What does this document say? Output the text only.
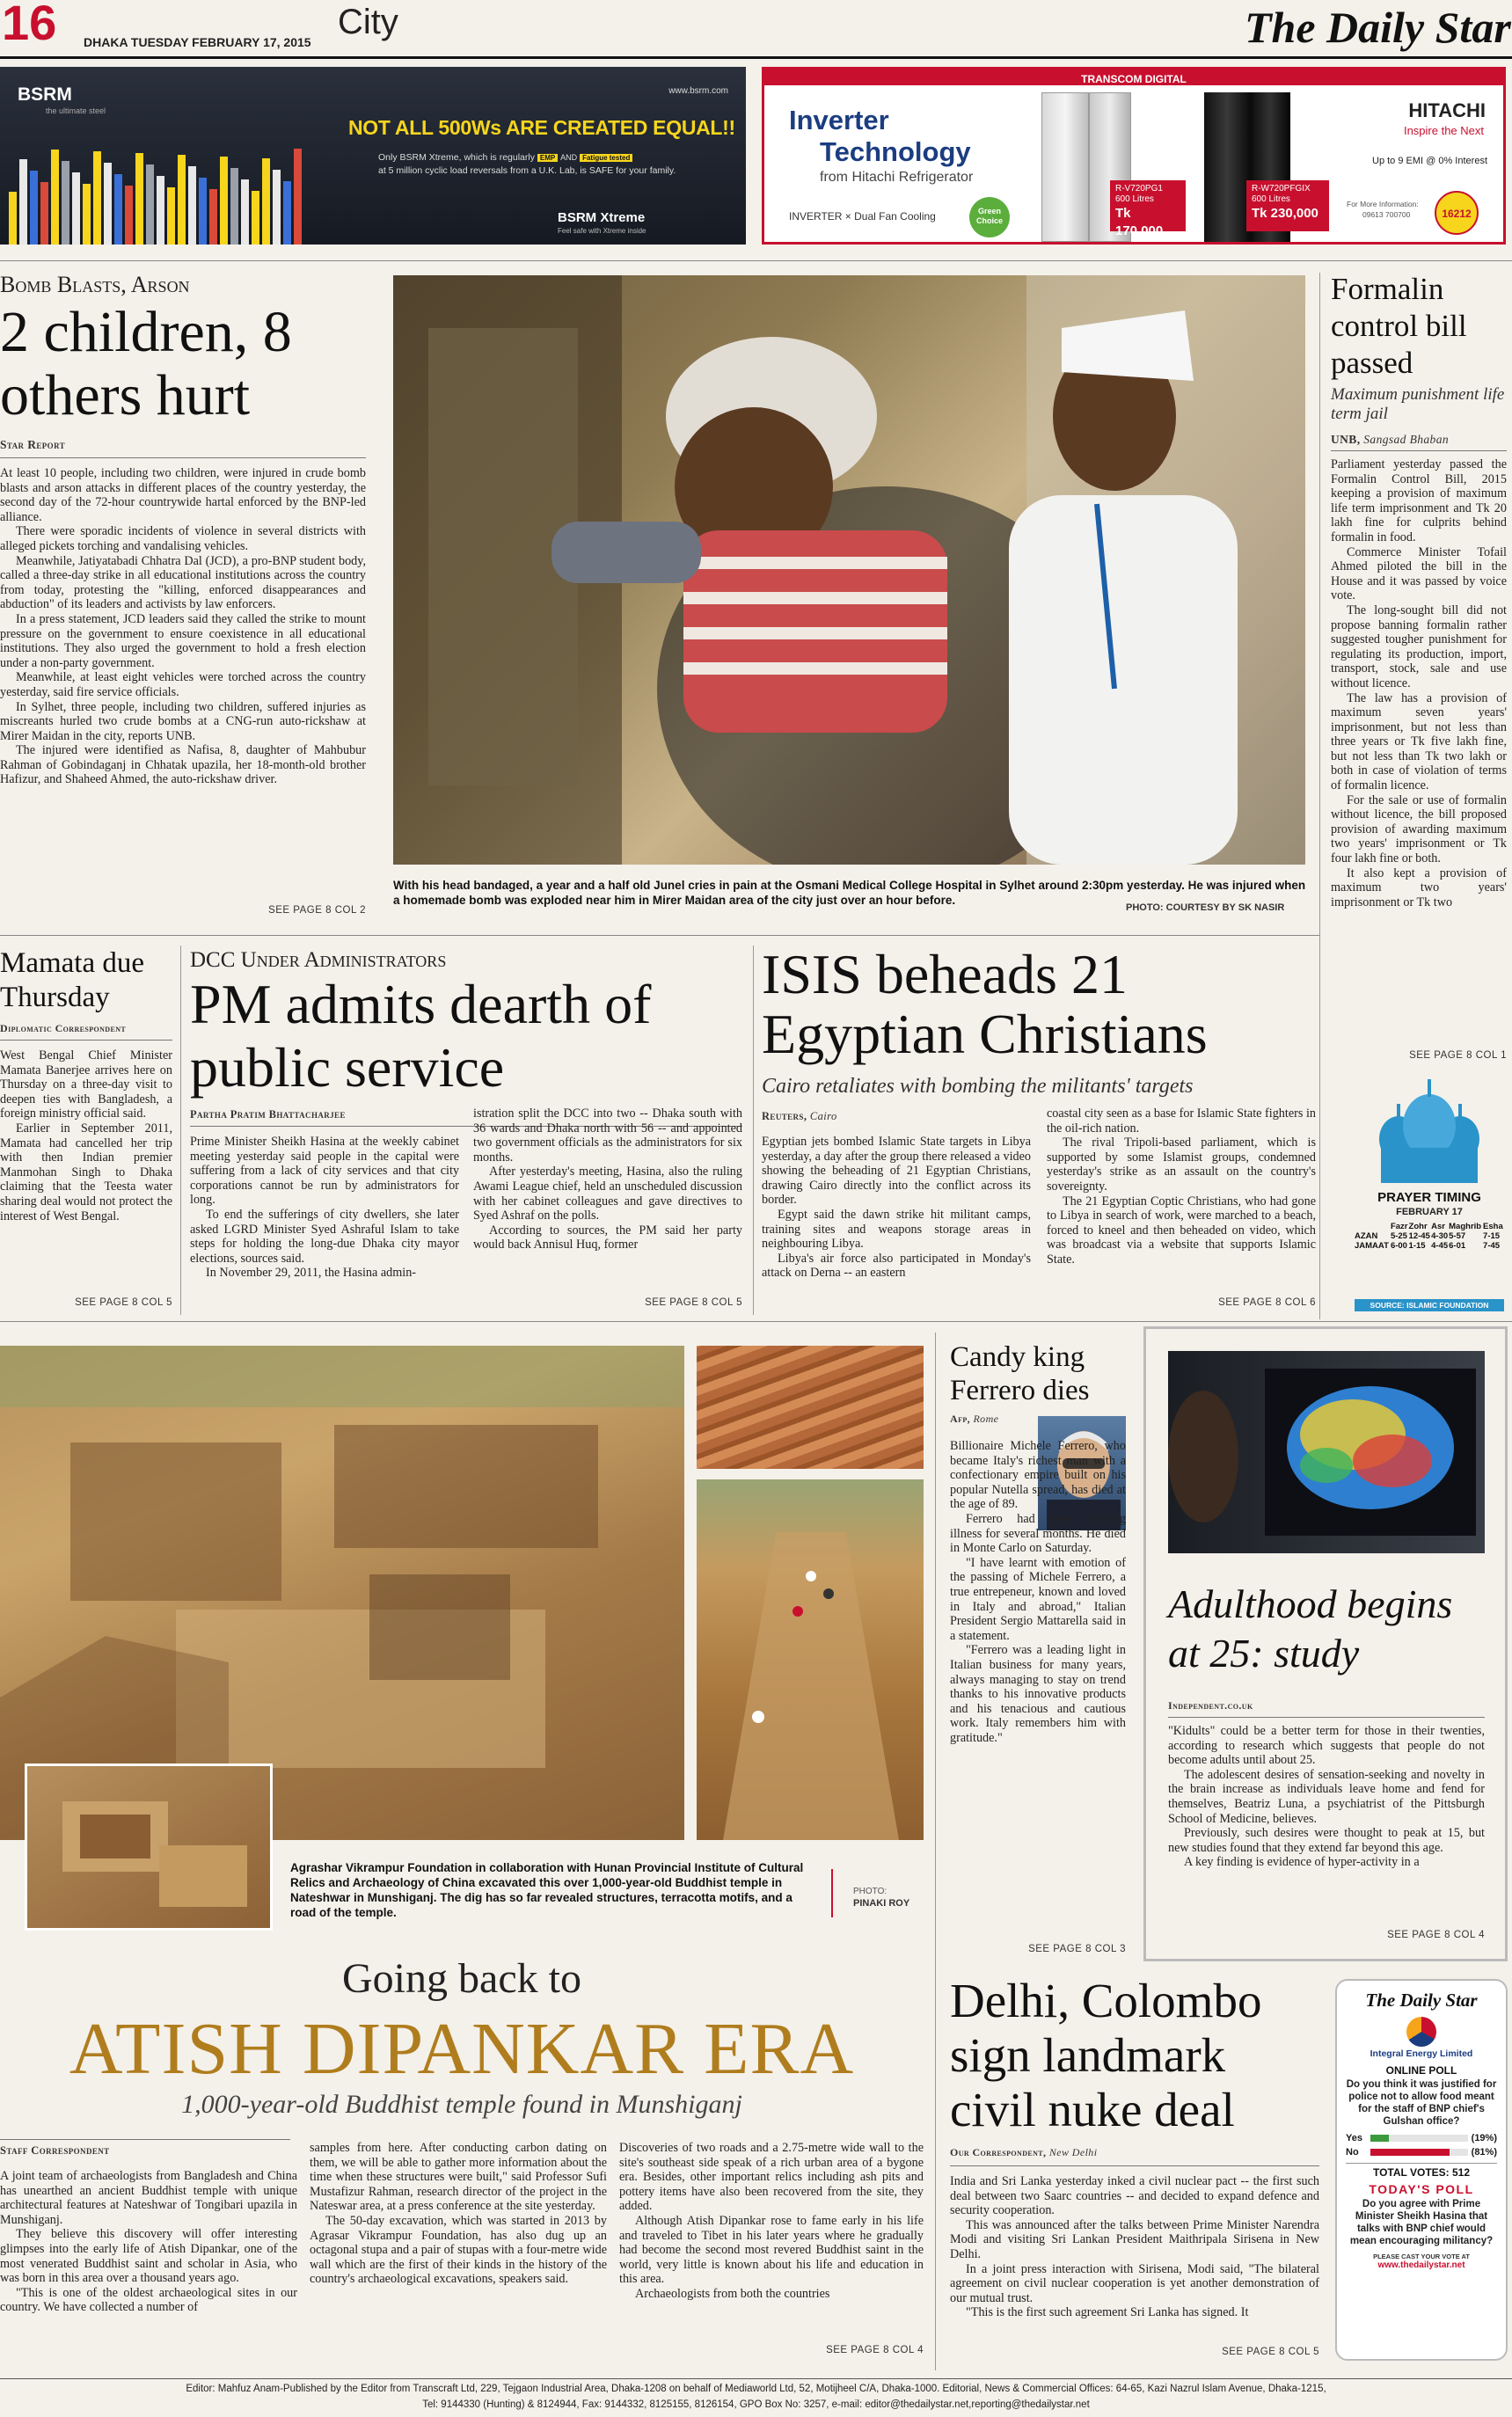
16 DHAKA TUESDAY FEBRUARY 17, 2015
City	The Daily Star
BSRM
the ultimate steel
www.bsrm.com
NOT ALL 500Ws ARE CREATED EQUAL!!
Only BSRM Xtreme, which is regularly EMP AND Fatigue tested
at 5 million cyclic load reversals from a U.K. Lab, is SAFE for your family.
BSRM Xtreme
Feel safe with Xtreme inside
TRANSCOM DIGITAL
Inverter
Technology
from Hitachi Refrigerator
INVERTER × Dual Fan Cooling	Green Choice
R-V720PG1
600 Litres
Tk 170,000
R-W720PFGIX
600 Litres
Tk 230,000
HITACHI
Inspire the Next
Up to 9 EMI @ 0% Interest
For More Information:
09613 700700	16212
Bomb Blasts, Arson
2 children, 8 others hurt
Star Report

At least 10 people, including two children, were injured in crude bomb blasts and arson attacks in different places of the country yesterday, the second day of the 72-hour countrywide hartal enforced by the BNP-led alliance.

There were sporadic incidents of violence in several districts with alleged pickets torching and vandalising vehicles.

Meanwhile, Jatiyatabadi Chhatra Dal (JCD), a pro-BNP student body, called a three-day strike in all educational institutions across the country from today, protesting the "killing, enforced disappearances and abduction" of its leaders and activists by law enforcers.

In a press statement, JCD leaders said they called the strike to mount pressure on the government to ensure coexistence in all educational institutions. They also urged the government to hold a fresh election under a non-party government.

Meanwhile, at least eight vehicles were torched across the country yesterday, said fire service officials.

In Sylhet, three people, including two children, suffered injuries as miscreants hurled two crude bombs at a CNG-run auto-rickshaw at Mirer Maidan in the city, reports UNB.

The injured were identified as Nafisa, 8, daughter of Mahbubur Rahman of Gobindaganj in Chhatak upazila, her 18-month-old brother Hafizur, and Shaheed Ahmed, the auto-rickshaw driver.

SEE PAGE 8 COL 2
With his head bandaged, a year and a half old Junel cries in pain at the Osmani Medical College Hospital in Sylhet around 2:30pm yesterday. He was injured when a homemade bomb was exploded near him in Mirer Maidan area of the city just over an hour before.
PHOTO: COURTESY BY SK NASIR
Formalin control bill passed
Maximum punishment life term jail
UNB, Sangsad Bhaban

Parliament yesterday passed the Formalin Control Bill, 2015 keeping a provision of maximum life term imprisonment and Tk 20 lakh fine for culprits behind formalin in food.

Commerce Minister Tofail Ahmed piloted the bill in the House and it was passed by voice vote.

The long-sought bill did not propose banning formalin rather suggested tougher punishment for regulating its production, import, transport, stock, sale and use without licence.

The law has a provision of maximum seven years' imprisonment, but not less than three years or Tk five lakh fine, but not less than Tk two lakh or both in case of violation of terms of formalin licence.

For the sale or use of formalin without licence, the bill proposed provision of awarding maximum two years' imprisonment or Tk four lakh fine or both.

It also kept a provision of maximum two years' imprisonment or Tk two

SEE PAGE 8 COL 1
PRAYER TIMING
FEBRUARY 17
	Fazr	Zohr	Asr	Maghrib	Esha
AZAN	5-25	12-45	4-30	5-57	7-15
JAMAAT	6-00	1-15	4-45	6-01	7-45
SOURCE: ISLAMIC FOUNDATION
Mamata due Thursday
Diplomatic Correspondent

West Bengal Chief Minister Mamata Banerjee arrives here on Thursday on a three-day visit to deepen ties with Bangladesh, a foreign ministry official said.

Earlier in September 2011, Mamata had cancelled her trip with then Indian premier Manmohan Singh to Dhaka claiming that the Teesta water sharing deal would not protect the interest of West Bengal.

SEE PAGE 8 COL 5
DCC Under Administrators
PM admits dearth of public service
Partha Pratim Bhattacharjee

Prime Minister Sheikh Hasina at the weekly cabinet meeting yesterday said people in the capital were suffering from a lack of city services and that city corporations cannot be run by administrators for long.

To end the sufferings of city dwellers, she later asked LGRD Minister Syed Ashraful Islam to take steps for holding the long-due Dhaka city mayor elections, sources said.

In November 29, 2011, the Hasina admin-

istration split the DCC into two -- Dhaka south with 36 wards and Dhaka north with 56 -- and appointed two government officials as the administrators for six months.

After yesterday's meeting, Hasina, also the ruling Awami League chief, held an unscheduled discussion with her cabinet colleagues and gave directives to Syed Ashraf on the polls.

According to sources, the PM said her party would back Annisul Huq, former

SEE PAGE 8 COL 5
ISIS beheads 21 Egyptian Christians
Cairo retaliates with bombing the militants' targets
Reuters, Cairo

Egyptian jets bombed Islamic State targets in Libya yesterday, a day after the group there released a video showing the beheading of 21 Egyptian Christians, drawing Cairo directly into the conflict across its border.

Egypt said the dawn strike hit militant camps, training sites and weapons storage areas in neighbouring Libya.

Libya's air force also participated in Monday's attack on Derna -- an eastern

coastal city seen as a base for Islamic State fighters in the oil-rich nation.

The rival Tripoli-based parliament, which is supported by some Islamist groups, condemned yesterday's strike as an assault on the country's sovereignty.

The 21 Egyptian Coptic Christians, who had gone to Libya in search of work, were marched to a beach, forced to kneel and then beheaded on video, which was broadcast via a website that supports Islamic State.

SEE PAGE 8 COL 6
Agrashar Vikrampur Foundation in collaboration with Hunan Provincial Institute of Cultural Relics and Archaeology of China excavated this over 1,000-year-old Buddhist temple in Nateshwar in Munshiganj. The dig has so far revealed structures, terracotta motifs, and a road of the temple.
PHOTO:
PINAKI ROY
Going back to
ATISH DIPANKAR ERA
1,000-year-old Buddhist temple found in Munshiganj
Staff Correspondent

A joint team of archaeologists from Bangladesh and China has unearthed an ancient Buddhist temple with unique architectural features at Nateshwar of Tongibari upazila in Munshiganj.

They believe this discovery will offer interesting glimpses into the early life of Atish Dipankar, one of the most venerated Buddhist saint and scholar in Asia, who was born in this area over a thousand years ago.

"This is one of the oldest archaeological sites in our country. We have collected a number of

samples from here. After conducting carbon dating on them, we will be able to gather more information about the time when these structures were built," said Professor Sufi Mustafizur Rahman, research director of the project in the Nateswar area, at a press conference at the site yesterday.

The 50-day excavation, which was started in 2013 by Agrasar Vikrampur Foundation, has also dug up an octagonal stupa and a pair of stupas with a four-metre wide wall which are the first of their kinds in the history of the country's archaeological excavations, speakers said.

Discoveries of two roads and a 2.75-metre wide wall to the site's southeast side speak of a rich urban area of a bygone era. Besides, other important relics including ash pits and pottery items have also been recovered from the site, they added.

Although Atish Dipankar rose to fame early in his life and traveled to Tibet in his later years where he gradually had become the second most revered Buddhist saint in the world, very little is known about his life and education in this area.

Archaeologists from both the countries

SEE PAGE 8 COL 4
Candy king Ferrero dies
Afp, Rome

Billionaire Michele Ferrero, who became Italy's richest man with a confectionary empire built on his popular Nutella spread, has died at the age of 89.

Ferrero had been battling illness for several months. He died in Monte Carlo on Saturday.

"I have learnt with emotion of the passing of Michele Ferrero, a true entrepeneur, known and loved in Italy and abroad," Italian President Sergio Mattarella said in a statement.

"Ferrero was a leading light in Italian business for many years, always managing to stay on trend thanks to his innovative products and his tenacious and cautious work. Italy remembers him with gratitude."

SEE PAGE 8 COL 3
Adulthood begins at 25: study
Independent.co.uk

"Kidults" could be a better term for those in their twenties, according to research which suggests that people do not become adults until about 25.

The adolescent desires of sensation-seeking and novelty in the brain increase as individuals leave home and fend for themselves, Beatriz Luna, a psychiatrist of the Pittsburgh School of Medicine, believes.

Previously, such desires were thought to peak at 15, but new studies found that they extend far beyond this age.

A key finding is evidence of hyper-activity in a

SEE PAGE 8 COL 4
Delhi, Colombo sign landmark civil nuke deal
Our Correspondent, New Delhi

India and Sri Lanka yesterday inked a civil nuclear pact -- the first such deal between two Saarc countries -- and decided to expand defence and security cooperation.

This was announced after the talks between Prime Minister Narendra Modi and visiting Sri Lankan President Maithripala Sirisena in New Delhi.

In a joint press interaction with Sirisena, Modi said, "The bilateral agreement on civil nuclear cooperation is yet another demonstration of our mutual trust.

"This is the first such agreement Sri Lanka has signed. It

SEE PAGE 8 COL 5
The Daily Star
Integral Energy Limited
ONLINE POLL
Do you think it was justified for police not to allow food meant for the staff of BNP chief's Gulshan office?
Yes	(19%)
No	(81%)
TOTAL VOTES: 512
TODAY'S POLL
Do you agree with Prime Minister Sheikh Hasina that talks with BNP chief would mean encouraging militancy?
PLEASE CAST YOUR VOTE AT
www.thedailystar.net
Editor: Mahfuz Anam-Published by the Editor from Transcraft Ltd, 229, Tejgaon Industrial Area, Dhaka-1208 on behalf of Mediaworld Ltd, 52, Motijheel C/A, Dhaka-1000. Editorial, News & Commercial Offices: 64-65, Kazi Nazrul Islam Avenue, Dhaka-1215,
Tel: 9144330 (Hunting) & 8124944, Fax: 9144332, 8125155, 8126154, GPO Box No: 3257, e-mail: editor@thedailystar.net,reporting@thedailystar.net
